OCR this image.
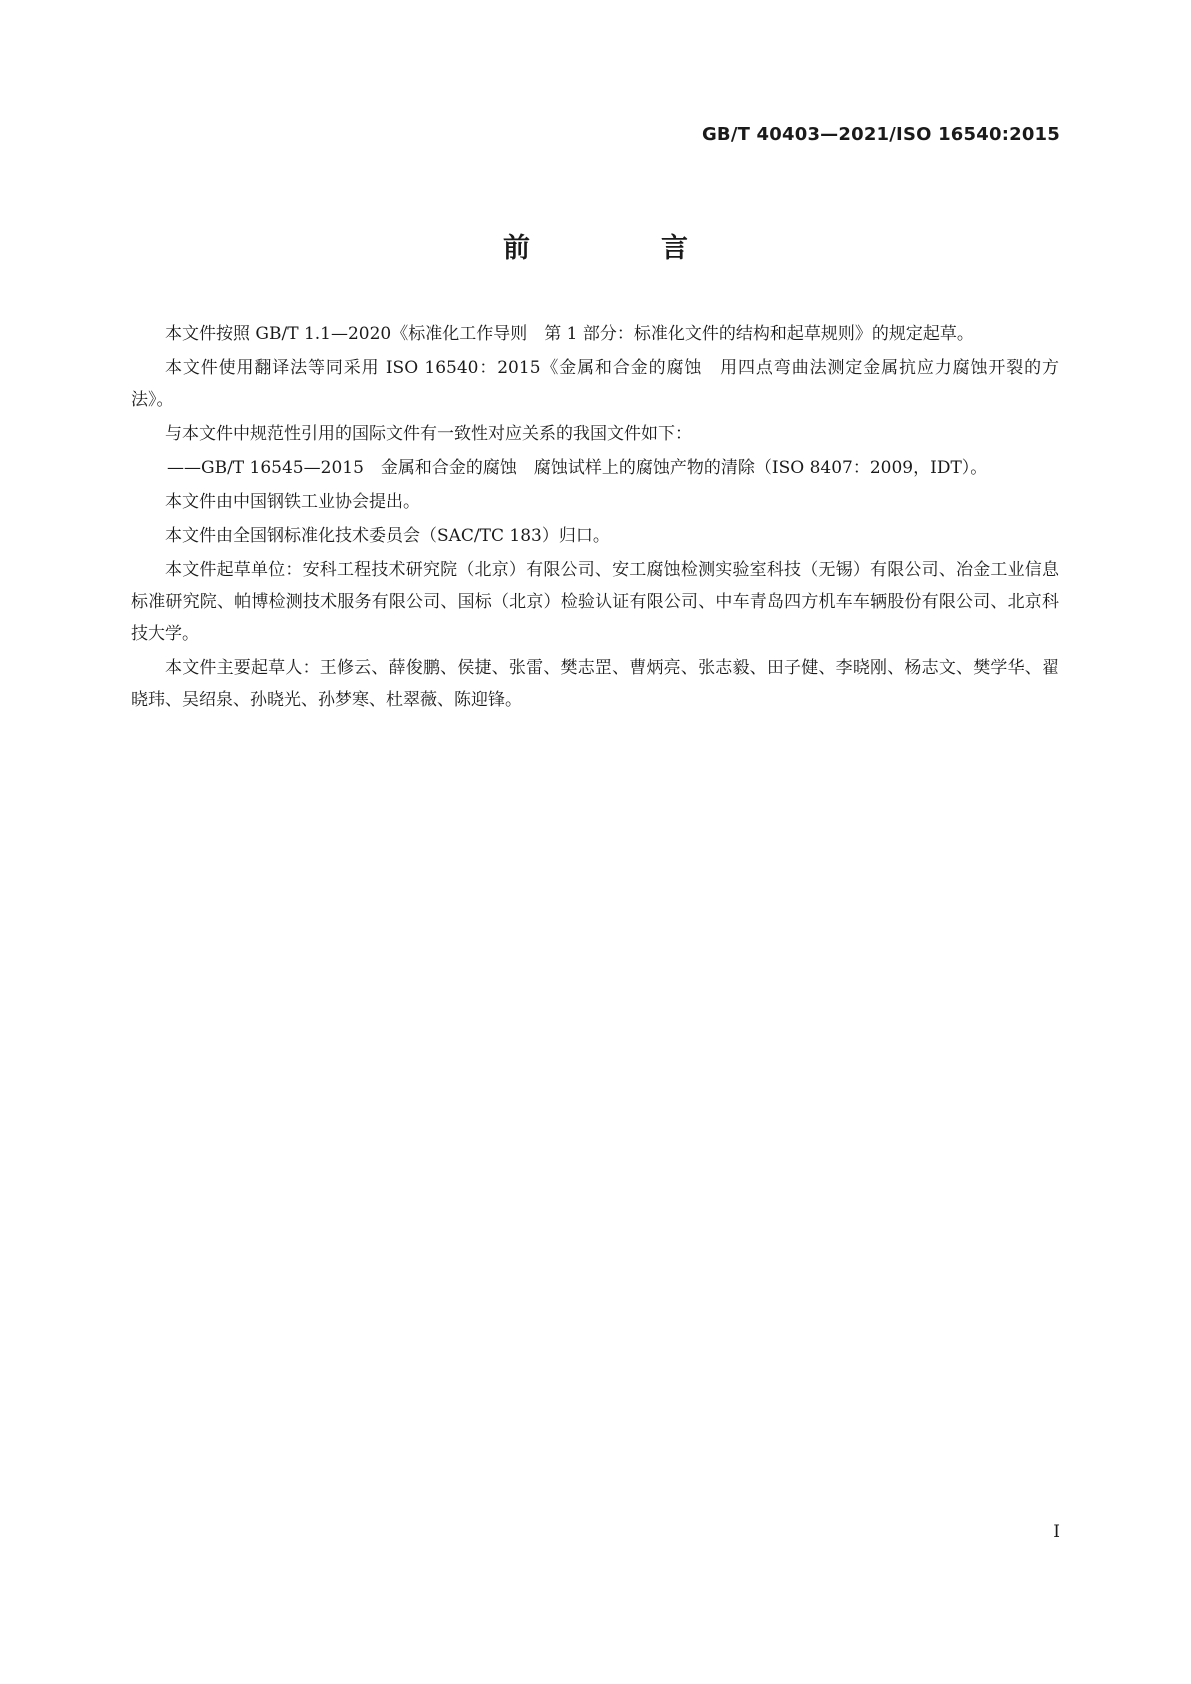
GB/T 40403—2021/ISO 16540:2015
前　言

本文件按照 GB/T 1.1—2020《标准化工作导则　第 1 部分：标准化文件的结构和起草规则》的规定起草。

本文件使用翻译法等同采用 ISO 16540：2015《金属和合金的腐蚀　用四点弯曲法测定金属抗应力腐蚀开裂的方法》。

与本文件中规范性引用的国际文件有一致性对应关系的我国文件如下：

——GB/T 16545—2015　金属和合金的腐蚀　腐蚀试样上的腐蚀产物的清除（ISO 8407：2009，IDT）。

本文件由中国钢铁工业协会提出。

本文件由全国钢标准化技术委员会（SAC/TC 183）归口。

本文件起草单位：安科工程技术研究院（北京）有限公司、安工腐蚀检测实验室科技（无锡）有限公司、冶金工业信息标准研究院、帕博检测技术服务有限公司、国标（北京）检验认证有限公司、中车青岛四方机车车辆股份有限公司、北京科技大学。

本文件主要起草人：王修云、薛俊鹏、侯捷、张雷、樊志罡、曹炳亮、张志毅、田子健、李晓刚、杨志文、樊学华、翟晓玮、吴绍泉、孙晓光、孙梦寒、杜翠薇、陈迎锋。

I
